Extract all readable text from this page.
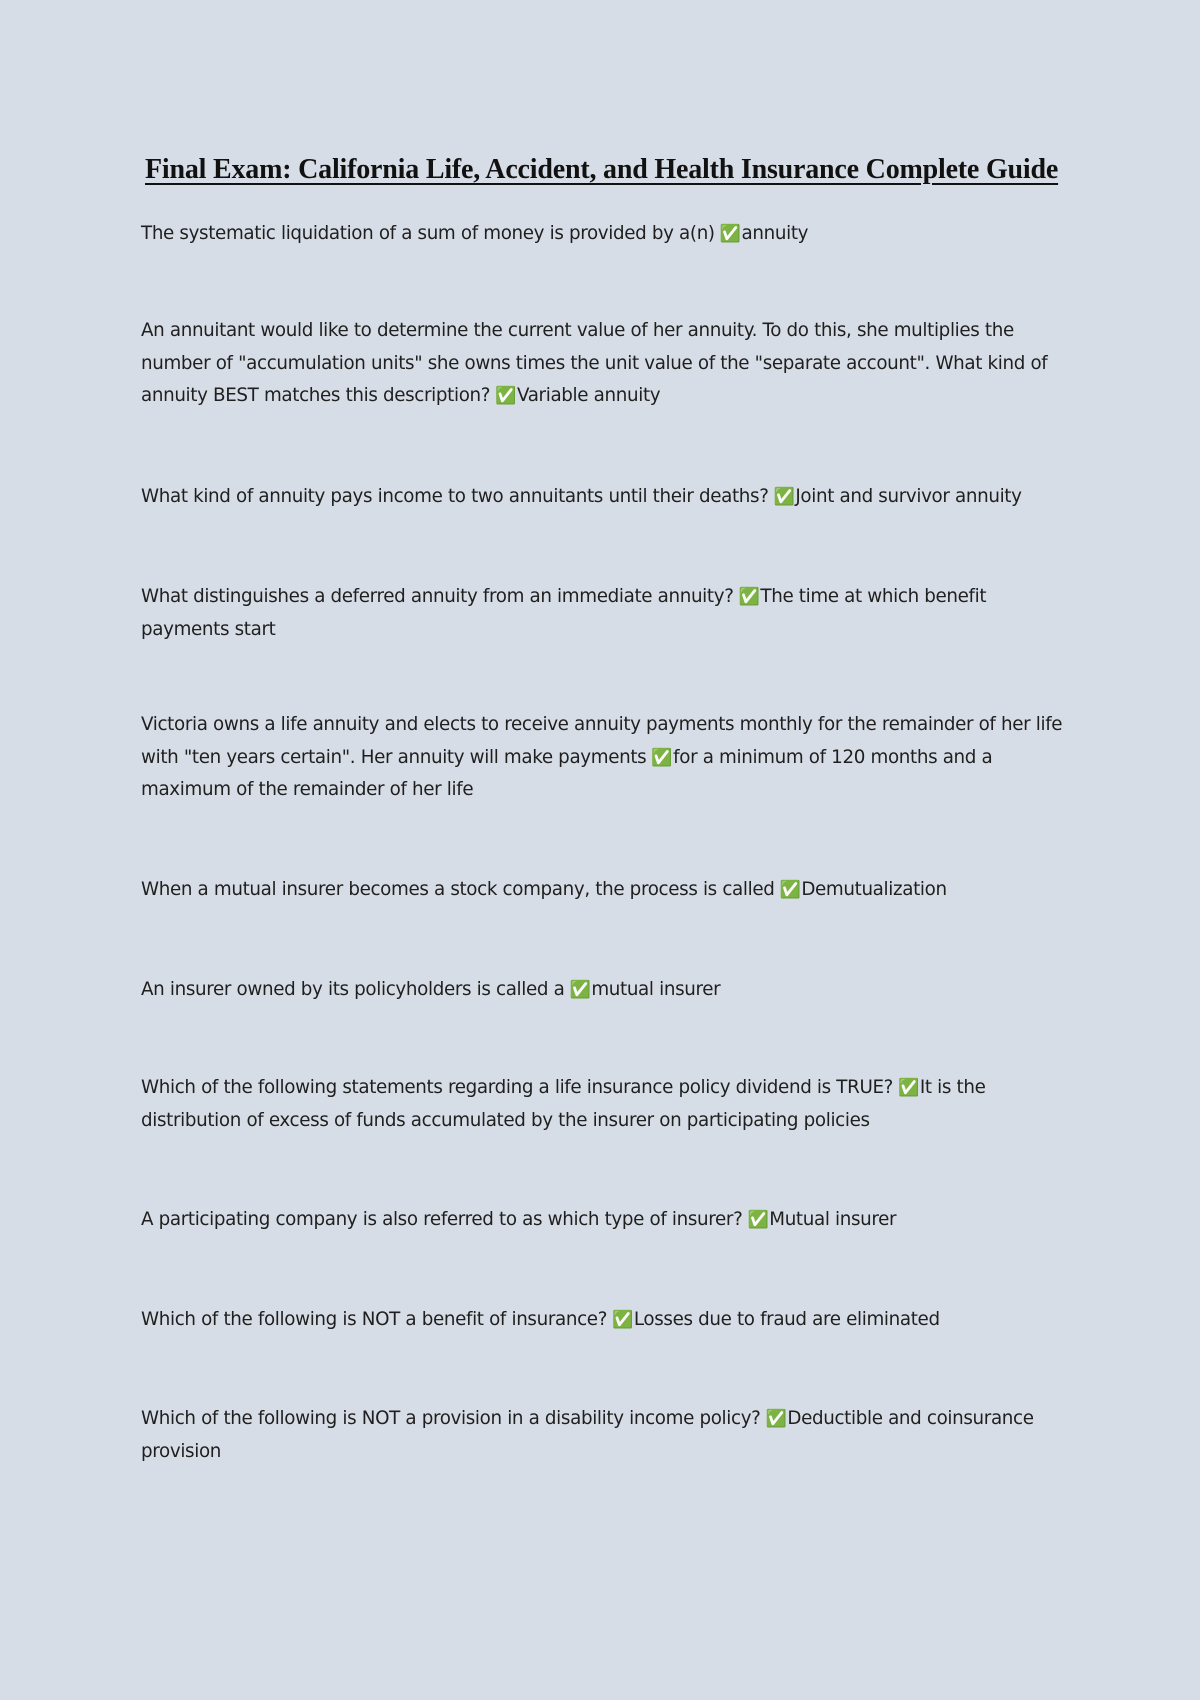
Final Exam: California Life, Accident, and Health Insurance Complete Guide

The systematic liquidation of a sum of money is provided by a(n) ✅annuity

An annuitant would like to determine the current value of her annuity. To do this, she multiplies the number of "accumulation units" she owns times the unit value of the "separate account". What kind of annuity BEST matches this description? ✅Variable annuity

What kind of annuity pays income to two annuitants until their deaths? ✅Joint and survivor annuity

What distinguishes a deferred annuity from an immediate annuity? ✅The time at which benefit payments start

Victoria owns a life annuity and elects to receive annuity payments monthly for the remainder of her life with "ten years certain". Her annuity will make payments ✅for a minimum of 120 months and a maximum of the remainder of her life

When a mutual insurer becomes a stock company, the process is called ✅Demutualization

An insurer owned by its policyholders is called a ✅mutual insurer

Which of the following statements regarding a life insurance policy dividend is TRUE? ✅It is the distribution of excess of funds accumulated by the insurer on participating policies

A participating company is also referred to as which type of insurer? ✅Mutual insurer

Which of the following is NOT a benefit of insurance? ✅Losses due to fraud are eliminated

Which of the following is NOT a provision in a disability income policy? ✅Deductible and coinsurance provision
